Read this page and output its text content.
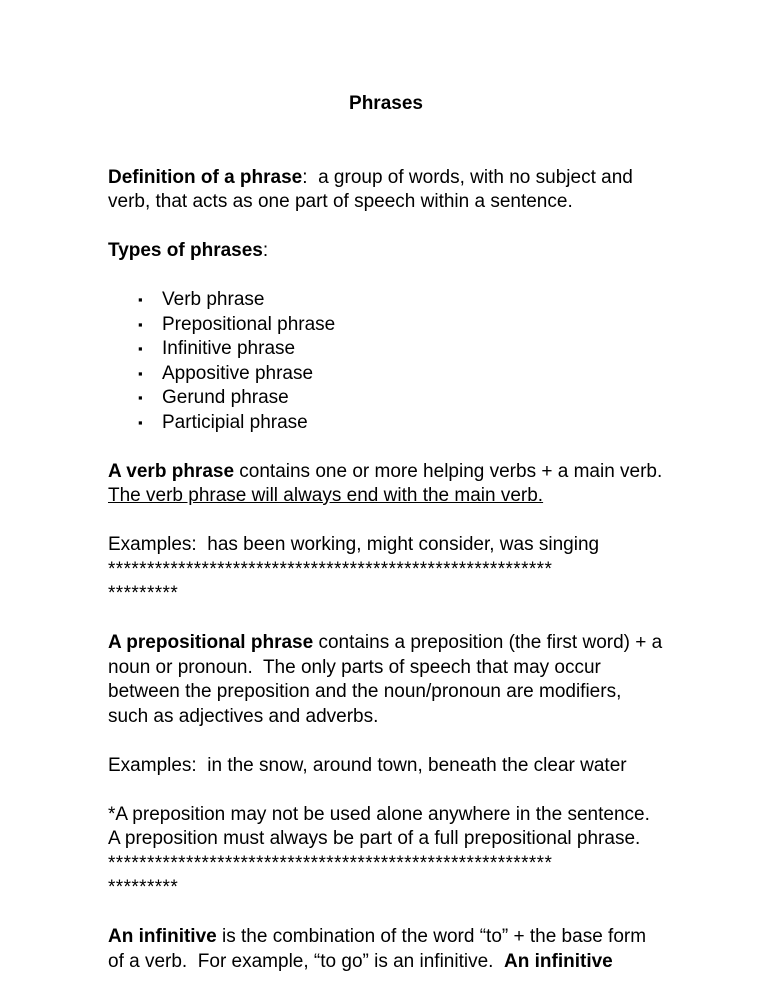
Phrases
Definition of a phrase:  a group of words, with no subject and
verb, that acts as one part of speech within a sentence.
Types of phrases:
▪ Verb phrase
▪ Prepositional phrase
▪ Infinitive phrase
▪ Appositive phrase
▪ Gerund phrase
▪ Participial phrase
A verb phrase contains one or more helping verbs + a main verb.
The verb phrase will always end with the main verb.
Examples:  has been working, might consider, was singing
*********************************************************
*********
A prepositional phrase contains a preposition (the first word) + a
noun or pronoun.  The only parts of speech that may occur
between the preposition and the noun/pronoun are modifiers,
such as adjectives and adverbs.
Examples:  in the snow, around town, beneath the clear water
*A preposition may not be used alone anywhere in the sentence.
A preposition must always be part of a full prepositional phrase.
*********************************************************
*********
An infinitive is the combination of the word “to” + the base form
of a verb.  For example, “to go” is an infinitive.  An infinitive
